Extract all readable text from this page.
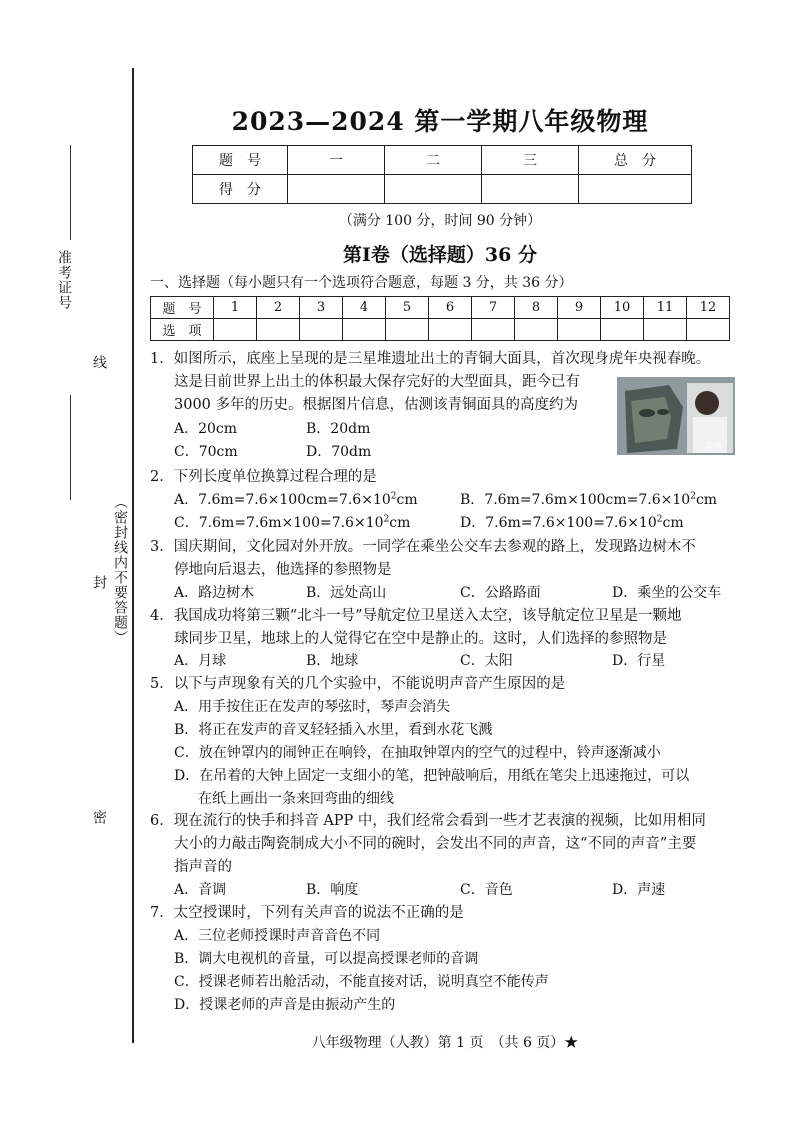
准考证号
线
（密封线内不要答题）
封
密
2023—2024 第一学期八年级物理
题　号	一	二	三	总　分
得　分				
（满分 100 分，时间 90 分钟）
第Ⅰ卷（选择题）36 分
一、选择题（每小题只有一个选项符合题意，每题 3 分，共 36 分）
题　号	1	2	3	4	5	6	7	8	9	10	11	12
选　项												
1．如图所示，底座上呈现的是三星堆遗址出土的青铜大面具，首次现身虎年央视春晚。
这是目前世界上出土的体积最大保存完好的大型面具，距今已有
3000 多年的历史。根据图片信息，估测该青铜面具的高度约为
A．20cm	B．20dm
C．70cm	D．70dm	春晚
2．下列长度单位换算过程合理的是
A．$7.6m=7.6\times 100cm=7.6\times 10^2cm$	B．$7.6m=7.6m\times 100cm=7.6\times 10^2cm$
C．$7.6m=7.6m\times 100=7.6\times 10^2cm$	D．$7.6m=7.6\times 100=7.6\times 10^2cm$
3．国庆期间，文化园对外开放。一同学在乘坐公交车去参观的路上，发现路边树木不
停地向后退去，他选择的参照物是
A．路边树木	B．远处高山	C．公路路面	D．乘坐的公交车
4．我国成功将第三颗“北斗一号”导航定位卫星送入太空，该导航定位卫星是一颗地
球同步卫星，地球上的人觉得它在空中是静止的。这时，人们选择的参照物是
A．月球	B．地球	C．太阳	D．行星
5．以下与声现象有关的几个实验中，不能说明声音产生原因的是
A．用手按住正在发声的琴弦时，琴声会消失
B．将正在发声的音叉轻轻插入水里，看到水花飞溅
C．放在钟罩内的闹钟正在响铃，在抽取钟罩内的空气的过程中，铃声逐渐减小
D．在吊着的大钟上固定一支细小的笔，把钟敲响后，用纸在笔尖上迅速拖过，可以
在纸上画出一条来回弯曲的细线
6．现在流行的快手和抖音 APP 中，我们经常会看到一些才艺表演的视频，比如用相同
大小的力敲击陶瓷制成大小不同的碗时，会发出不同的声音，这“不同的声音”主要
指声音的
A．音调	B．响度	C．音色	D．声速
7．太空授课时，下列有关声音的说法不正确的是
A．三位老师授课时声音音色不同
B．调大电视机的音量，可以提高授课老师的音调
C．授课老师若出舱活动，不能直接对话，说明真空不能传声
D．授课老师的声音是由振动产生的
八年级物理（人教）第 1 页　（共 6 页）★
